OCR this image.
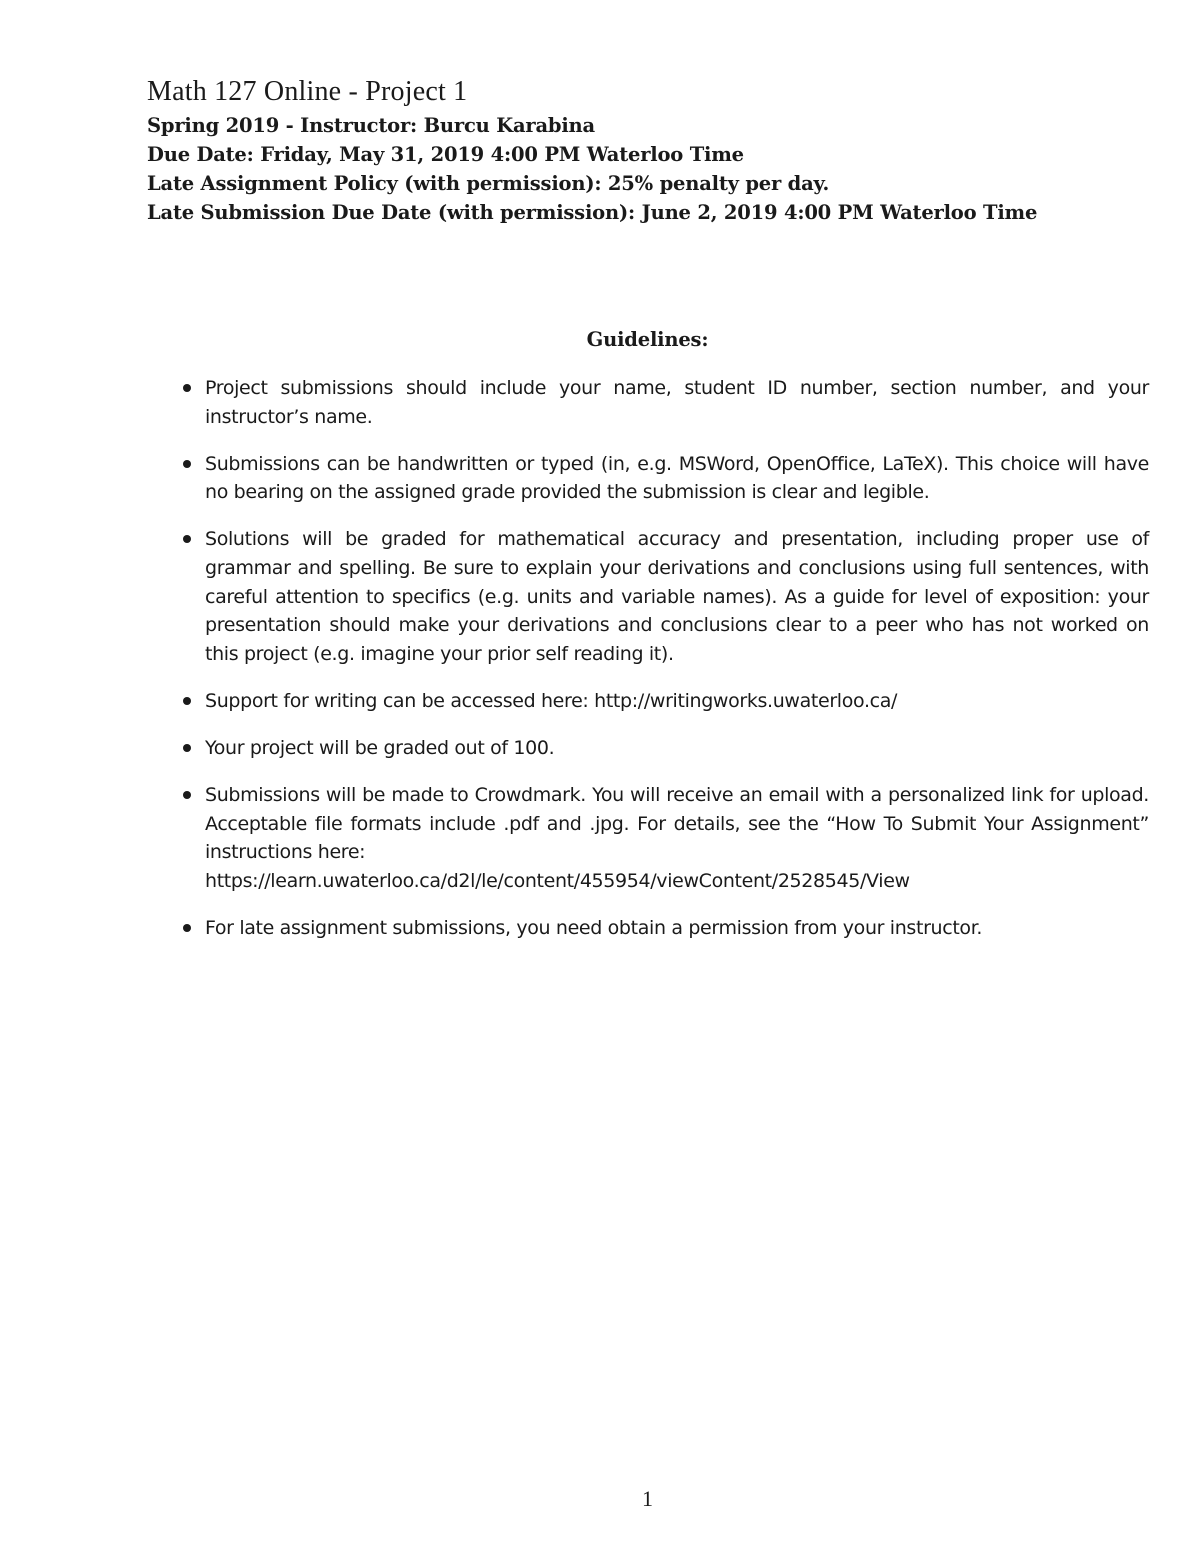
Math 127 Online - Project 1
Spring 2019 - Instructor: Burcu Karabina
Due Date: Friday, May 31, 2019 4:00 PM Waterloo Time
Late Assignment Policy (with permission): 25% penalty per day.
Late Submission Due Date (with permission): June 2, 2019 4:00 PM Waterloo Time
Guidelines:
Project submissions should include your name, student ID number, section number, and your instructor’s name.
Submissions can be handwritten or typed (in, e.g. MSWord, OpenOffice, LaTeX). This choice will have no bearing on the assigned grade provided the submission is clear and legible.
Solutions will be graded for mathematical accuracy and presentation, including proper use of grammar and spelling. Be sure to explain your derivations and conclusions using full sentences, with careful attention to specifics (e.g. units and variable names). As a guide for level of exposition: your presentation should make your derivations and conclusions clear to a peer who has not worked on this project (e.g. imagine your prior self reading it).
Support for writing can be accessed here: http://writingworks.uwaterloo.ca/
Your project will be graded out of 100.
Submissions will be made to Crowdmark. You will receive an email with a personalized link for upload. Acceptable file formats include .pdf and .jpg. For details, see the “How To Submit Your Assignment” instructions here:
https://learn.uwaterloo.ca/d2l/le/content/455954/viewContent/2528545/View
For late assignment submissions, you need obtain a permission from your instructor.
1
